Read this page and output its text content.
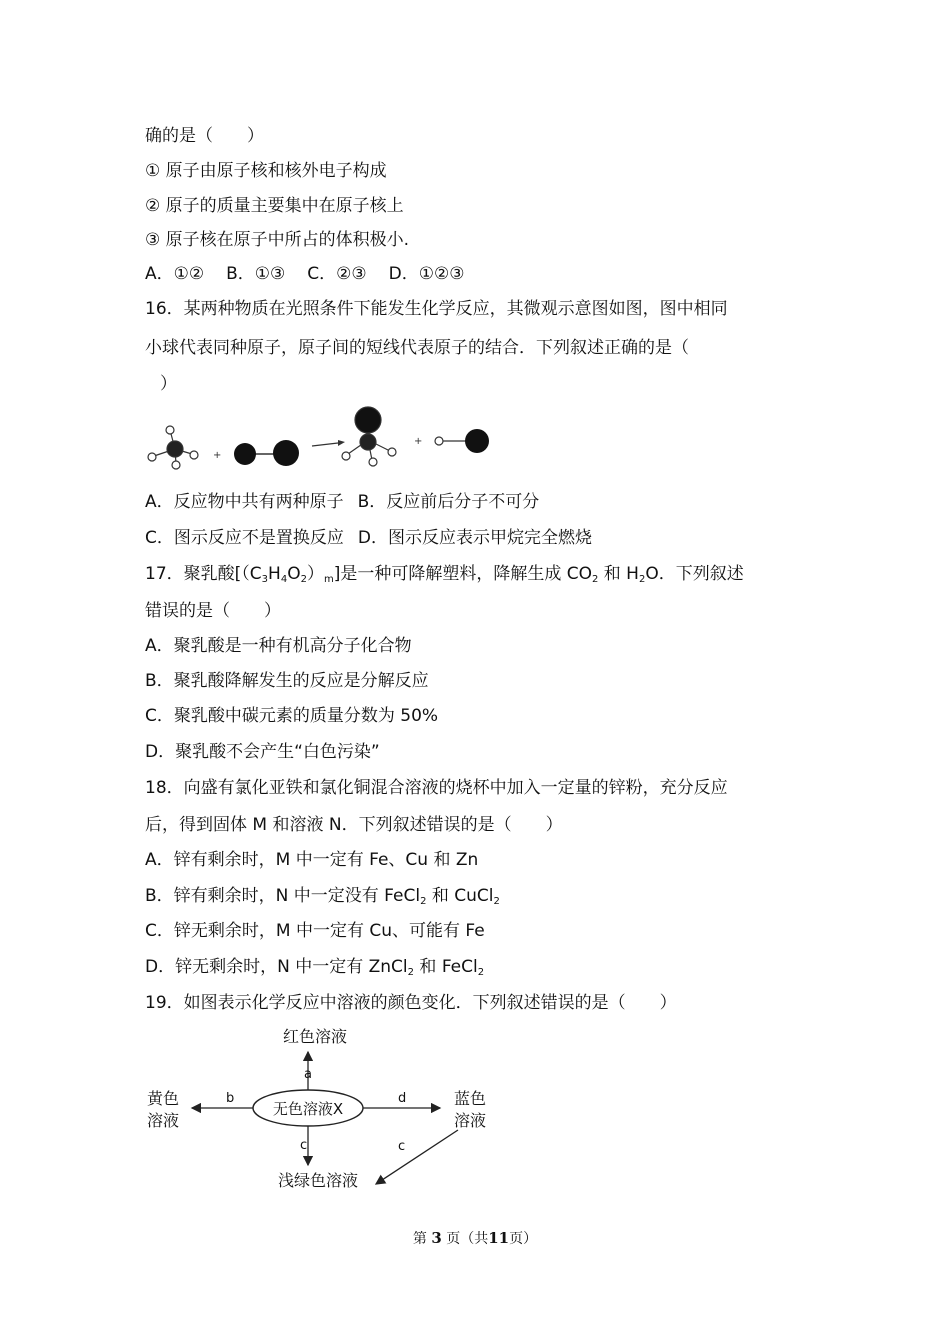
确的是（　　）
① 原子由原子核和核外电子构成
② 原子的质量主要集中在原子核上
③ 原子核在原子中所占的体积极小.
A．①② B．①③ C．②③ D．①②③
16．某两种物质在光照条件下能发生化学反应，其微观示意图如图，图中相同
小球代表同种原子，原子间的短线代表原子的结合．下列叙述正确的是（
）
+
+
A．反应物中共有两种原子 B．反应前后分子不可分
C．图示反应不是置换反应 D．图示反应表示甲烷完全燃烧
17．聚乳酸$[(C_3H_4O_2)_m]$是一种可降解塑料，降解生成 $CO_2$ 和 $H_2O$．下列叙述
错误的是（　　）
A．聚乳酸是一种有机高分子化合物
B．聚乳酸降解发生的反应是分解反应
C．聚乳酸中碳元素的质量分数为 50%
D．聚乳酸不会产生“白色污染”
18．向盛有氯化亚铁和氯化铜混合溶液的烧杯中加入一定量的锌粉，充分反应
后，得到固体 M 和溶液 N．下列叙述错误的是（　　）
A．锌有剩余时，M 中一定有 Fe、Cu 和 Zn
B．锌有剩余时，N 中一定没有 FeCl$_2$ 和 CuCl$_2$
C．锌无剩余时，M 中一定有 Cu、可能有 Fe
D．锌无剩余时，N 中一定有 ZnCl$_2$ 和 FeCl$_2$
19．如图表示化学反应中溶液的颜色变化．下列叙述错误的是（　　）
无色溶液X
a
红色溶液
b
黄色
溶液
d	蓝色
溶液
c	c
浅绿色溶液
第 3 页（共11页）
